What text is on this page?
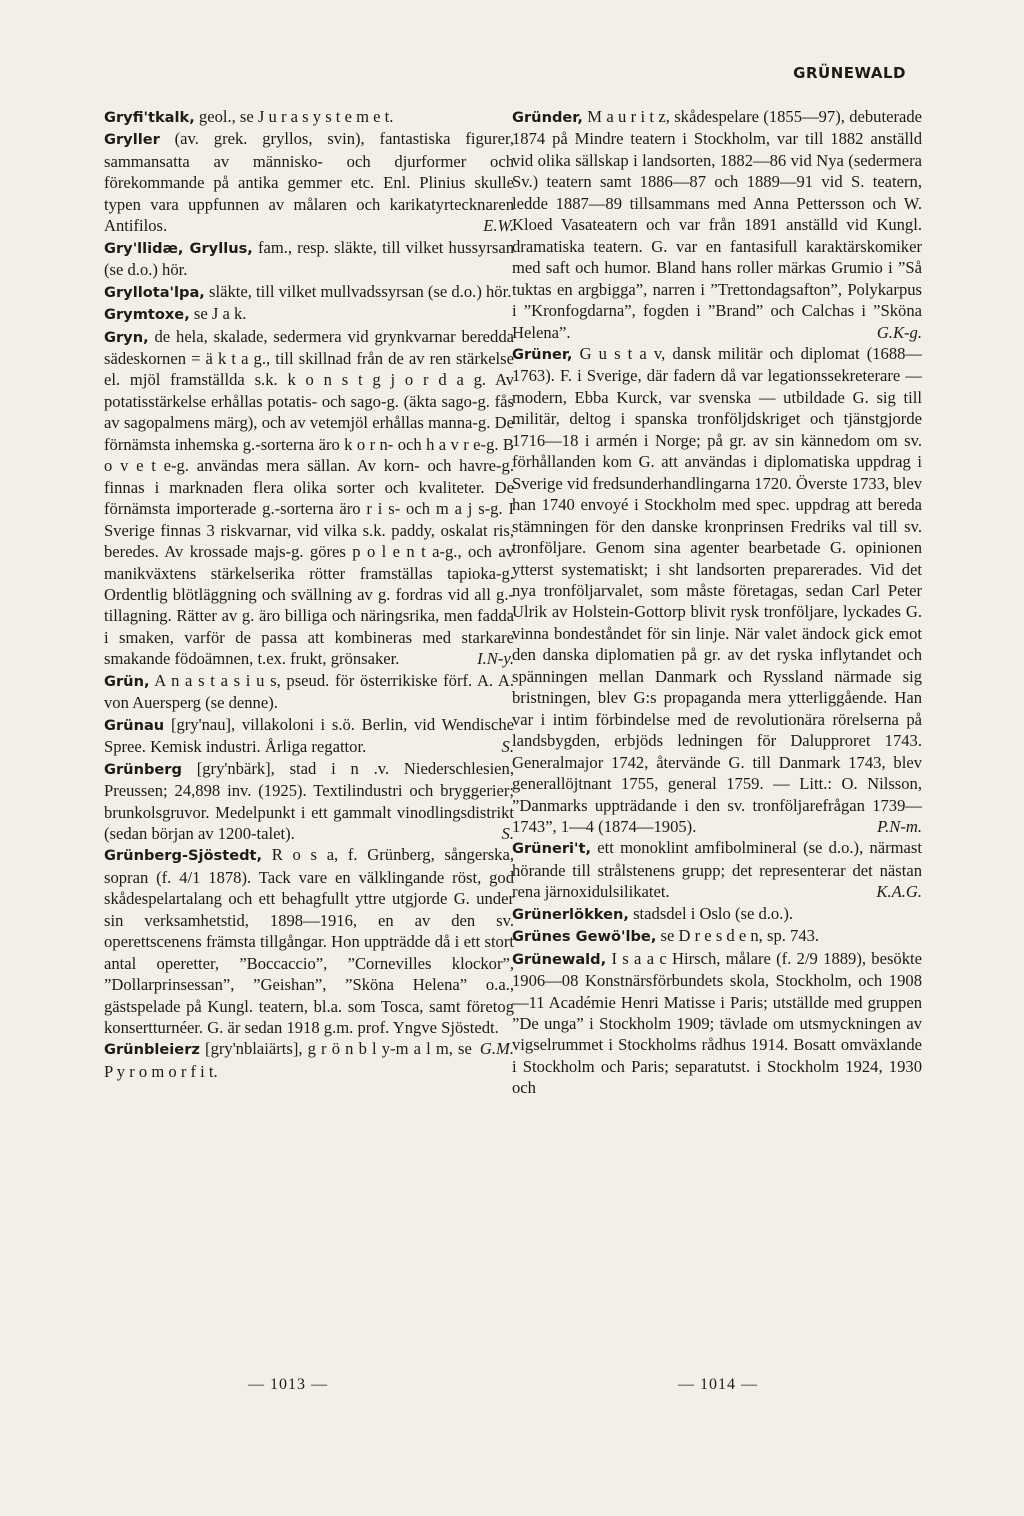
GRÜNEWALD

Gryfi'tkalk, geol., se J u r a s y s t e m e t.

Gryller (av. grek. gryllos, svin), fantastiska figurer, sammansatta av människo- och djurformer och förekommande på antika gemmer etc. Enl. Plinius skulle typen vara uppfunnen av målaren och karikatyrtecknaren Antifilos.	E.W.

Gry'llidæ, Gryllus, fam., resp. släkte, till vilket hussyrsan (se d.o.) hör.

Gryllota'lpa, släkte, till vilket mullvadssyrsan (se d.o.) hör.

Grymtoxe, se J a k.

Gryn, de hela, skalade, sedermera vid grynkvarnar beredda sädeskornen = ä k t a g., till skillnad från de av ren stärkelse el. mjöl framställda s.k. k o n s t g j o r d a g. Av potatisstärkelse erhållas potatis- och sago-g. (äkta sago-g. fås av sagopalmens märg), och av vetemjöl erhållas manna-g. De förnämsta inhemska g.-sorterna äro k o r n- och h a v r e-g. B o v e t e-g. användas mera sällan. Av korn- och havre-g. finnas i marknaden flera olika sorter och kvaliteter. De förnämsta importerade g.-sorterna äro r i s- och m a j s-g. I Sverige finnas 3 riskvarnar, vid vilka s.k. paddy, oskalat ris, beredes. Av krossade majs-g. göres p o l e n t a-g., och av manikväxtens stärkelserika rötter framställas tapioka-g. Ordentlig blötläggning och svällning av g. fordras vid all g.-tillagning. Rätter av g. äro billiga och näringsrika, men fadda i smaken, varför de passa att kombineras med starkare smakande födoämnen, t.ex. frukt, grönsaker.	I.N-y.

Grün, A n a s t a s i u s, pseud. för österrikiske förf. A. A. von Auersperg (se denne).

Grünau [gry'nau], villakoloni i s.ö. Berlin, vid Wendische Spree. Kemisk industri. Årliga regattor.	S.

Grünberg [gry'nbärk], stad i n .v. Niederschlesien, Preussen; 24,898 inv. (1925). Textilindustri och bryggerier; brunkolsgruvor. Medelpunkt i ett gammalt vinodlingsdistrikt (sedan början av 1200-talet).	S.

Grünberg-Sjöstedt, R o s a, f. Grünberg, sångerska, sopran (f. 4/1 1878). Tack vare en välklingande röst, god skådespelartalang och ett behagfullt yttre utgjorde G. under sin verksamhetstid, 1898—1916, en av den sv. operettscenens främsta tillgångar. Hon uppträdde då i ett stort antal operetter, ”Boccaccio”, ”Cornevilles klockor”, ”Dollarprinsessan”, ”Geishan”, ”Sköna Helena” o.a., gästspelade på Kungl. teatern, bl.a. som Tosca, samt företog konsertturnéer. G. är sedan 1918 g.m. prof. Yngve Sjöstedt.
G.M.

Grünbleierz [gry'nblaiärts], g r ö n b l y-m a l m, se P y r o m o r f i t.

Gründer, M a u r i t z, skådespelare (1855—97), debuterade 1874 på Mindre teatern i Stockholm, var till 1882 anställd vid olika sällskap i landsorten, 1882—86 vid Nya (sedermera Sv.) teatern samt 1886—87 och 1889—91 vid S. teatern, ledde 1887—89 tillsammans med Anna Pettersson och W. Kloed Vasateatern och var från 1891 anställd vid Kungl. dramatiska teatern. G. var en fantasifull karaktärskomiker med saft och humor. Bland hans roller märkas Grumio i ”Så tuktas en argbigga”, narren i ”Trettondagsafton”, Polykarpus i ”Kronfogdarna”, fogden i ”Brand” och Calchas i ”Sköna Helena”.	G.K-g.

Grüner, G u s t a v, dansk militär och diplomat (1688—1763). F. i Sverige, där fadern då var legationssekreterare — modern, Ebba Kurck, var svenska — utbildade G. sig till militär, deltog i spanska tronföljdskriget och tjänstgjorde 1716—18 i armén i Norge; på gr. av sin kännedom om sv. förhållanden kom G. att användas i diplomatiska uppdrag i Sverige vid fredsunderhandlingarna 1720. Överste 1733, blev han 1740 envoyé i Stockholm med spec. uppdrag att bereda stämningen för den danske kronprinsen Fredriks val till sv. tronföljare. Genom sina agenter bearbetade G. opinionen ytterst systematiskt; i sht landsorten preparerades. Vid det nya tronföljarvalet, som måste företagas, sedan Carl Peter Ulrik av Holstein-Gottorp blivit rysk tronföljare, lyckades G. vinna bondeståndet för sin linje. När valet ändock gick emot den danska diplomatien på gr. av det ryska inflytandet och spänningen mellan Danmark och Ryssland närmade sig bristningen, blev G:s propaganda mera ytterliggående. Han var i intim förbindelse med de revolutionära rörelserna på landsbygden, erbjöds ledningen för Dalupproret 1743. Generalmajor 1742, återvände G. till Danmark 1743, blev generallöjtnant 1755, general 1759. — Litt.: O. Nilsson, ”Danmarks uppträdande i den sv. tronföljarefrågan 1739—1743”, 1—4 (1874—1905).	P.N-m.

Grüneri't, ett monoklint amfibolmineral (se d.o.), närmast hörande till strålstenens grupp; det representerar det nästan rena järnoxidulsilikatet.	K.A.G.

Grünerlökken, stadsdel i Oslo (se d.o.).

Grünes Gewö'lbe, se D r e s d e n, sp. 743.

Grünewald, I s a a c Hirsch, målare (f. 2/9 1889), besökte 1906—08 Konstnärsförbundets skola, Stockholm, och 1908—11 Académie Henri Matisse i Paris; utställde med gruppen ”De unga” i Stockholm 1909; tävlade om utsmyckningen av vigselrummet i Stockholms rådhus 1914. Bosatt omväxlande i Stockholm och Paris; separatutst. i Stockholm 1924, 1930 och

— 1013 —	— 1014 —
